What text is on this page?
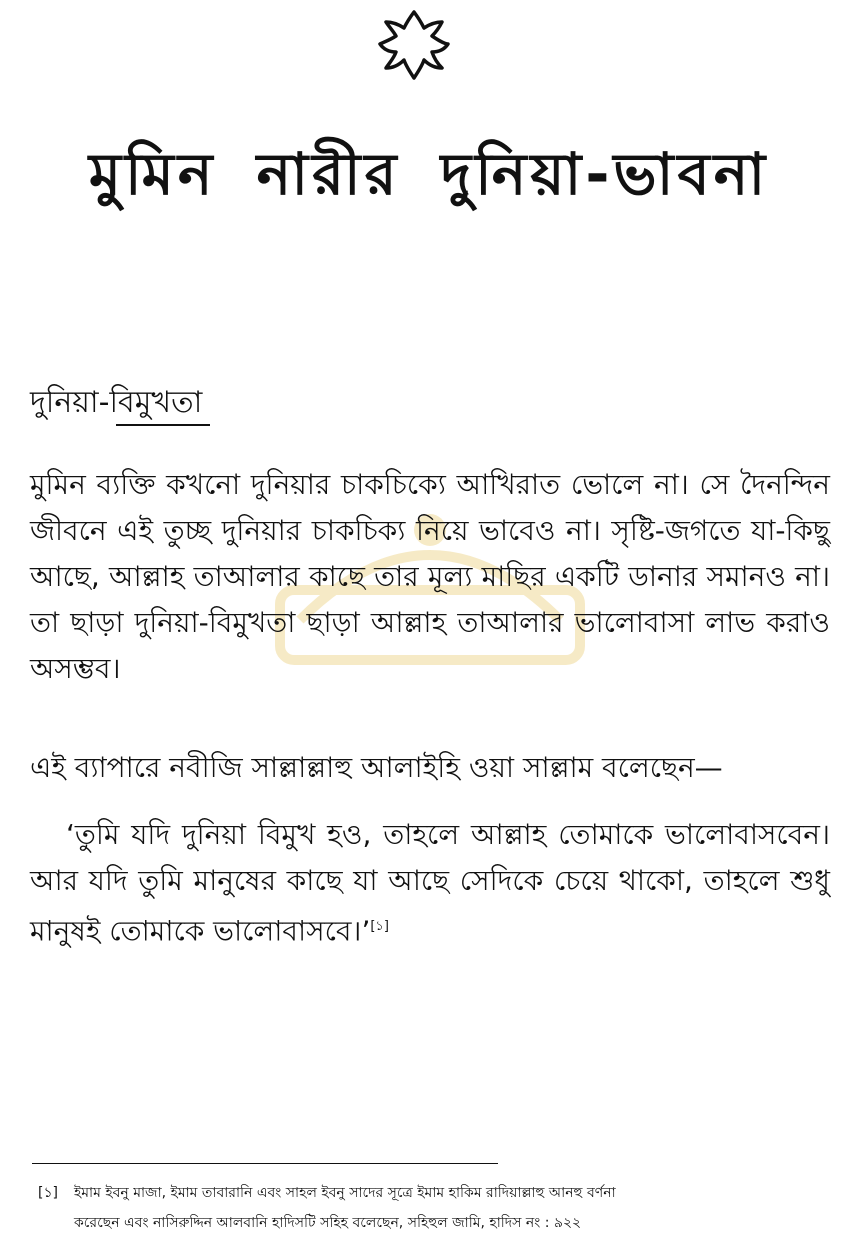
মুমিন নারীর দুনিয়া-ভাবনা
দুনিয়া-বিমুখতা
মুমিন ব্যক্তি কখনো দুনিয়ার চাকচিক্যে আখিরাত ভোলে না। সে দৈনন্দিন জীবনে এই তুচ্ছ দুনিয়ার চাকচিক্য নিয়ে ভাবেও না। সৃষ্টি-জগতে যা-কিছু আছে, আল্লাহ তাআলার কাছে তার মূল্য মাছির একটি ডানার সমানও না। তা ছাড়া দুনিয়া-বিমুখতা ছাড়া আল্লাহ তাআলার ভালোবাসা লাভ করাও অসম্ভব।
এই ব্যাপারে নবীজি সাল্লাল্লাহু আলাইহি ওয়া সাল্লাম বলেছেন—
‘তুমি যদি দুনিয়া বিমুখ হও, তাহলে আল্লাহ তোমাকে ভালোবাসবেন। আর যদি তুমি মানুষের কাছে যা আছে সেদিকে চেয়ে থাকো, তাহলে শুধু মানুষই তোমাকে ভালোবাসবে।’[১]
[১] ইমাম ইবনু মাজা, ইমাম তাবারানি এবং সাহল ইবনু সাদের সূত্রে ইমাম হাকিম রাদিয়াল্লাহু আনহু বর্ণনা
করেছেন এবং নাসিরুদ্দিন আলবানি হাদিসটি সহিহ বলেছেন, সহিহুল জামি, হাদিস নং : ৯২২
